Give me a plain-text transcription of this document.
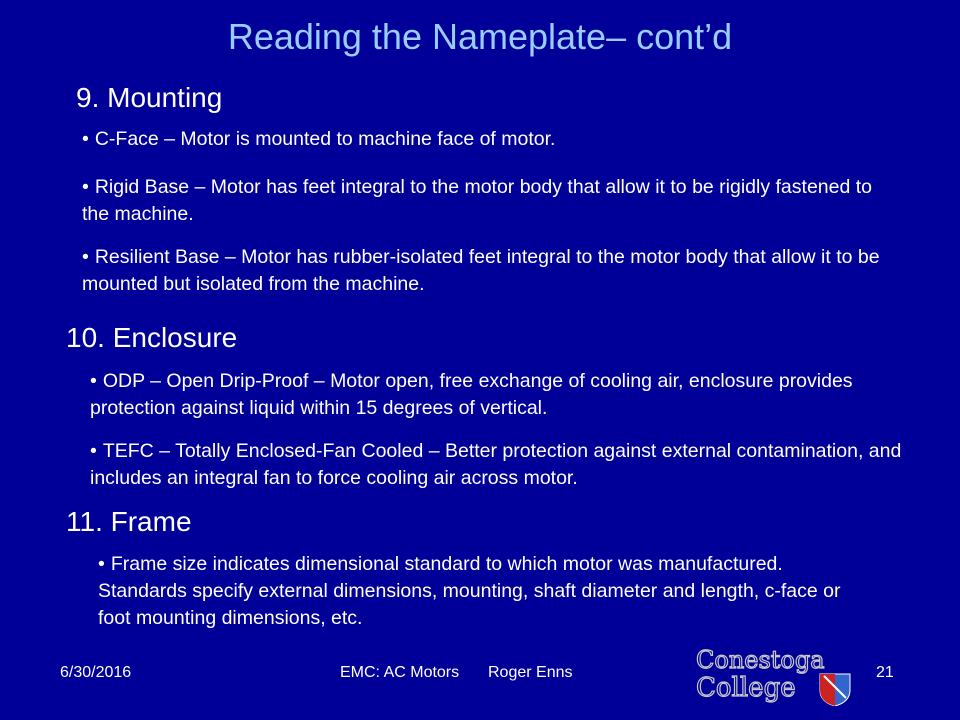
Reading the Nameplate– cont’d
9. Mounting
• C-Face – Motor is mounted to machine face of motor.
• Rigid Base – Motor has feet integral to the motor body that allow it to be rigidly fastened to the machine.
• Resilient Base – Motor has rubber-isolated feet integral to the motor body that allow it to be mounted but isolated from the machine.
10. Enclosure
• ODP – Open Drip-Proof – Motor open, free exchange of cooling air, enclosure provides protection against liquid within 15 degrees of vertical.
• TEFC – Totally Enclosed-Fan Cooled – Better protection against external contamination, and includes an integral fan to force cooling air across motor.
11. Frame
• Frame size indicates dimensional standard to which motor was manufactured. Standards specify external dimensions, mounting, shaft diameter and length, c-face or foot mounting dimensions, etc.
6/30/2016	EMC: AC Motors Roger Enns	21
Conestoga
College
